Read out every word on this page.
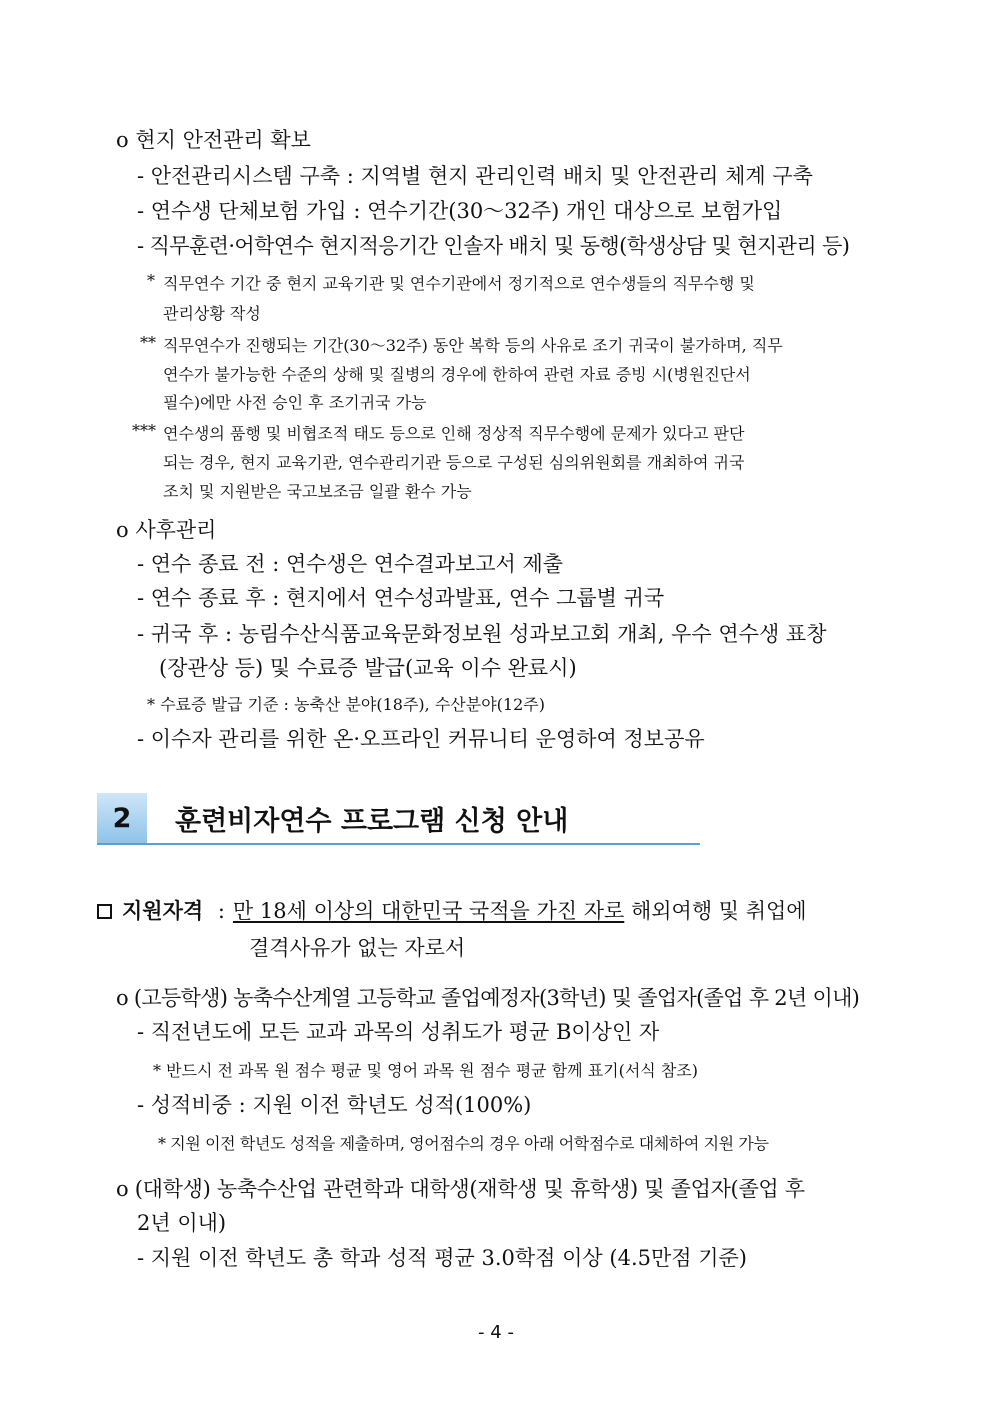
o 현지 안전관리 확보
- 안전관리시스템 구축 : 지역별 현지 관리인력 배치 및 안전관리 체계 구축
- 연수생 단체보험 가입 : 연수기간(30～32주) 개인 대상으로 보험가입
- 직무훈련·어학연수 현지적응기간 인솔자 배치 및 동행(학생상담 및 현지관리 등)
* 직무연수 기간 중 현지 교육기관 및 연수기관에서 정기적으로 연수생들의 직무수행 및
관리상황 작성
** 직무연수가 진행되는 기간(30～32주) 동안 복학 등의 사유로 조기 귀국이 불가하며, 직무
연수가 불가능한 수준의 상해 및 질병의 경우에 한하여 관련 자료 증빙 시(병원진단서
필수)에만 사전 승인 후 조기귀국 가능
*** 연수생의 품행 및 비협조적 태도 등으로 인해 정상적 직무수행에 문제가 있다고 판단
되는 경우, 현지 교육기관, 연수관리기관 등으로 구성된 심의위원회를 개최하여 귀국
조치 및 지원받은 국고보조금 일괄 환수 가능
o 사후관리
- 연수 종료 전 : 연수생은 연수결과보고서 제출
- 연수 종료 후 : 현지에서 연수성과발표, 연수 그룹별 귀국
- 귀국 후 : 농림수산식품교육문화정보원 성과보고회 개최, 우수 연수생 표창
(장관상 등) 및 수료증 발급(교육 이수 완료시)
* 수료증 발급 기준 : 농축산 분야(18주), 수산분야(12주)
- 이수자 관리를 위한 온·오프라인 커뮤니티 운영하여 정보공유
2	훈련비자연수 프로그램 신청 안내
지원자격 : 만 18세 이상의 대한민국 국적을 가진 자로 해외여행 및 취업에
결격사유가 없는 자로서
o (고등학생) 농축수산계열 고등학교 졸업예정자(3학년) 및 졸업자(졸업 후 2년 이내)
- 직전년도에 모든 교과 과목의 성취도가 평균 B이상인 자
* 반드시 전 과목 원 점수 평균 및 영어 과목 원 점수 평균 함께 표기(서식 참조)
- 성적비중 : 지원 이전 학년도 성적(100%)
* 지원 이전 학년도 성적을 제출하며, 영어점수의 경우 아래 어학점수로 대체하여 지원 가능
o (대학생) 농축수산업 관련학과 대학생(재학생 및 휴학생) 및 졸업자(졸업 후
2년 이내)
- 지원 이전 학년도 총 학과 성적 평균 3.0학점 이상 (4.5만점 기준)
- 4 -
